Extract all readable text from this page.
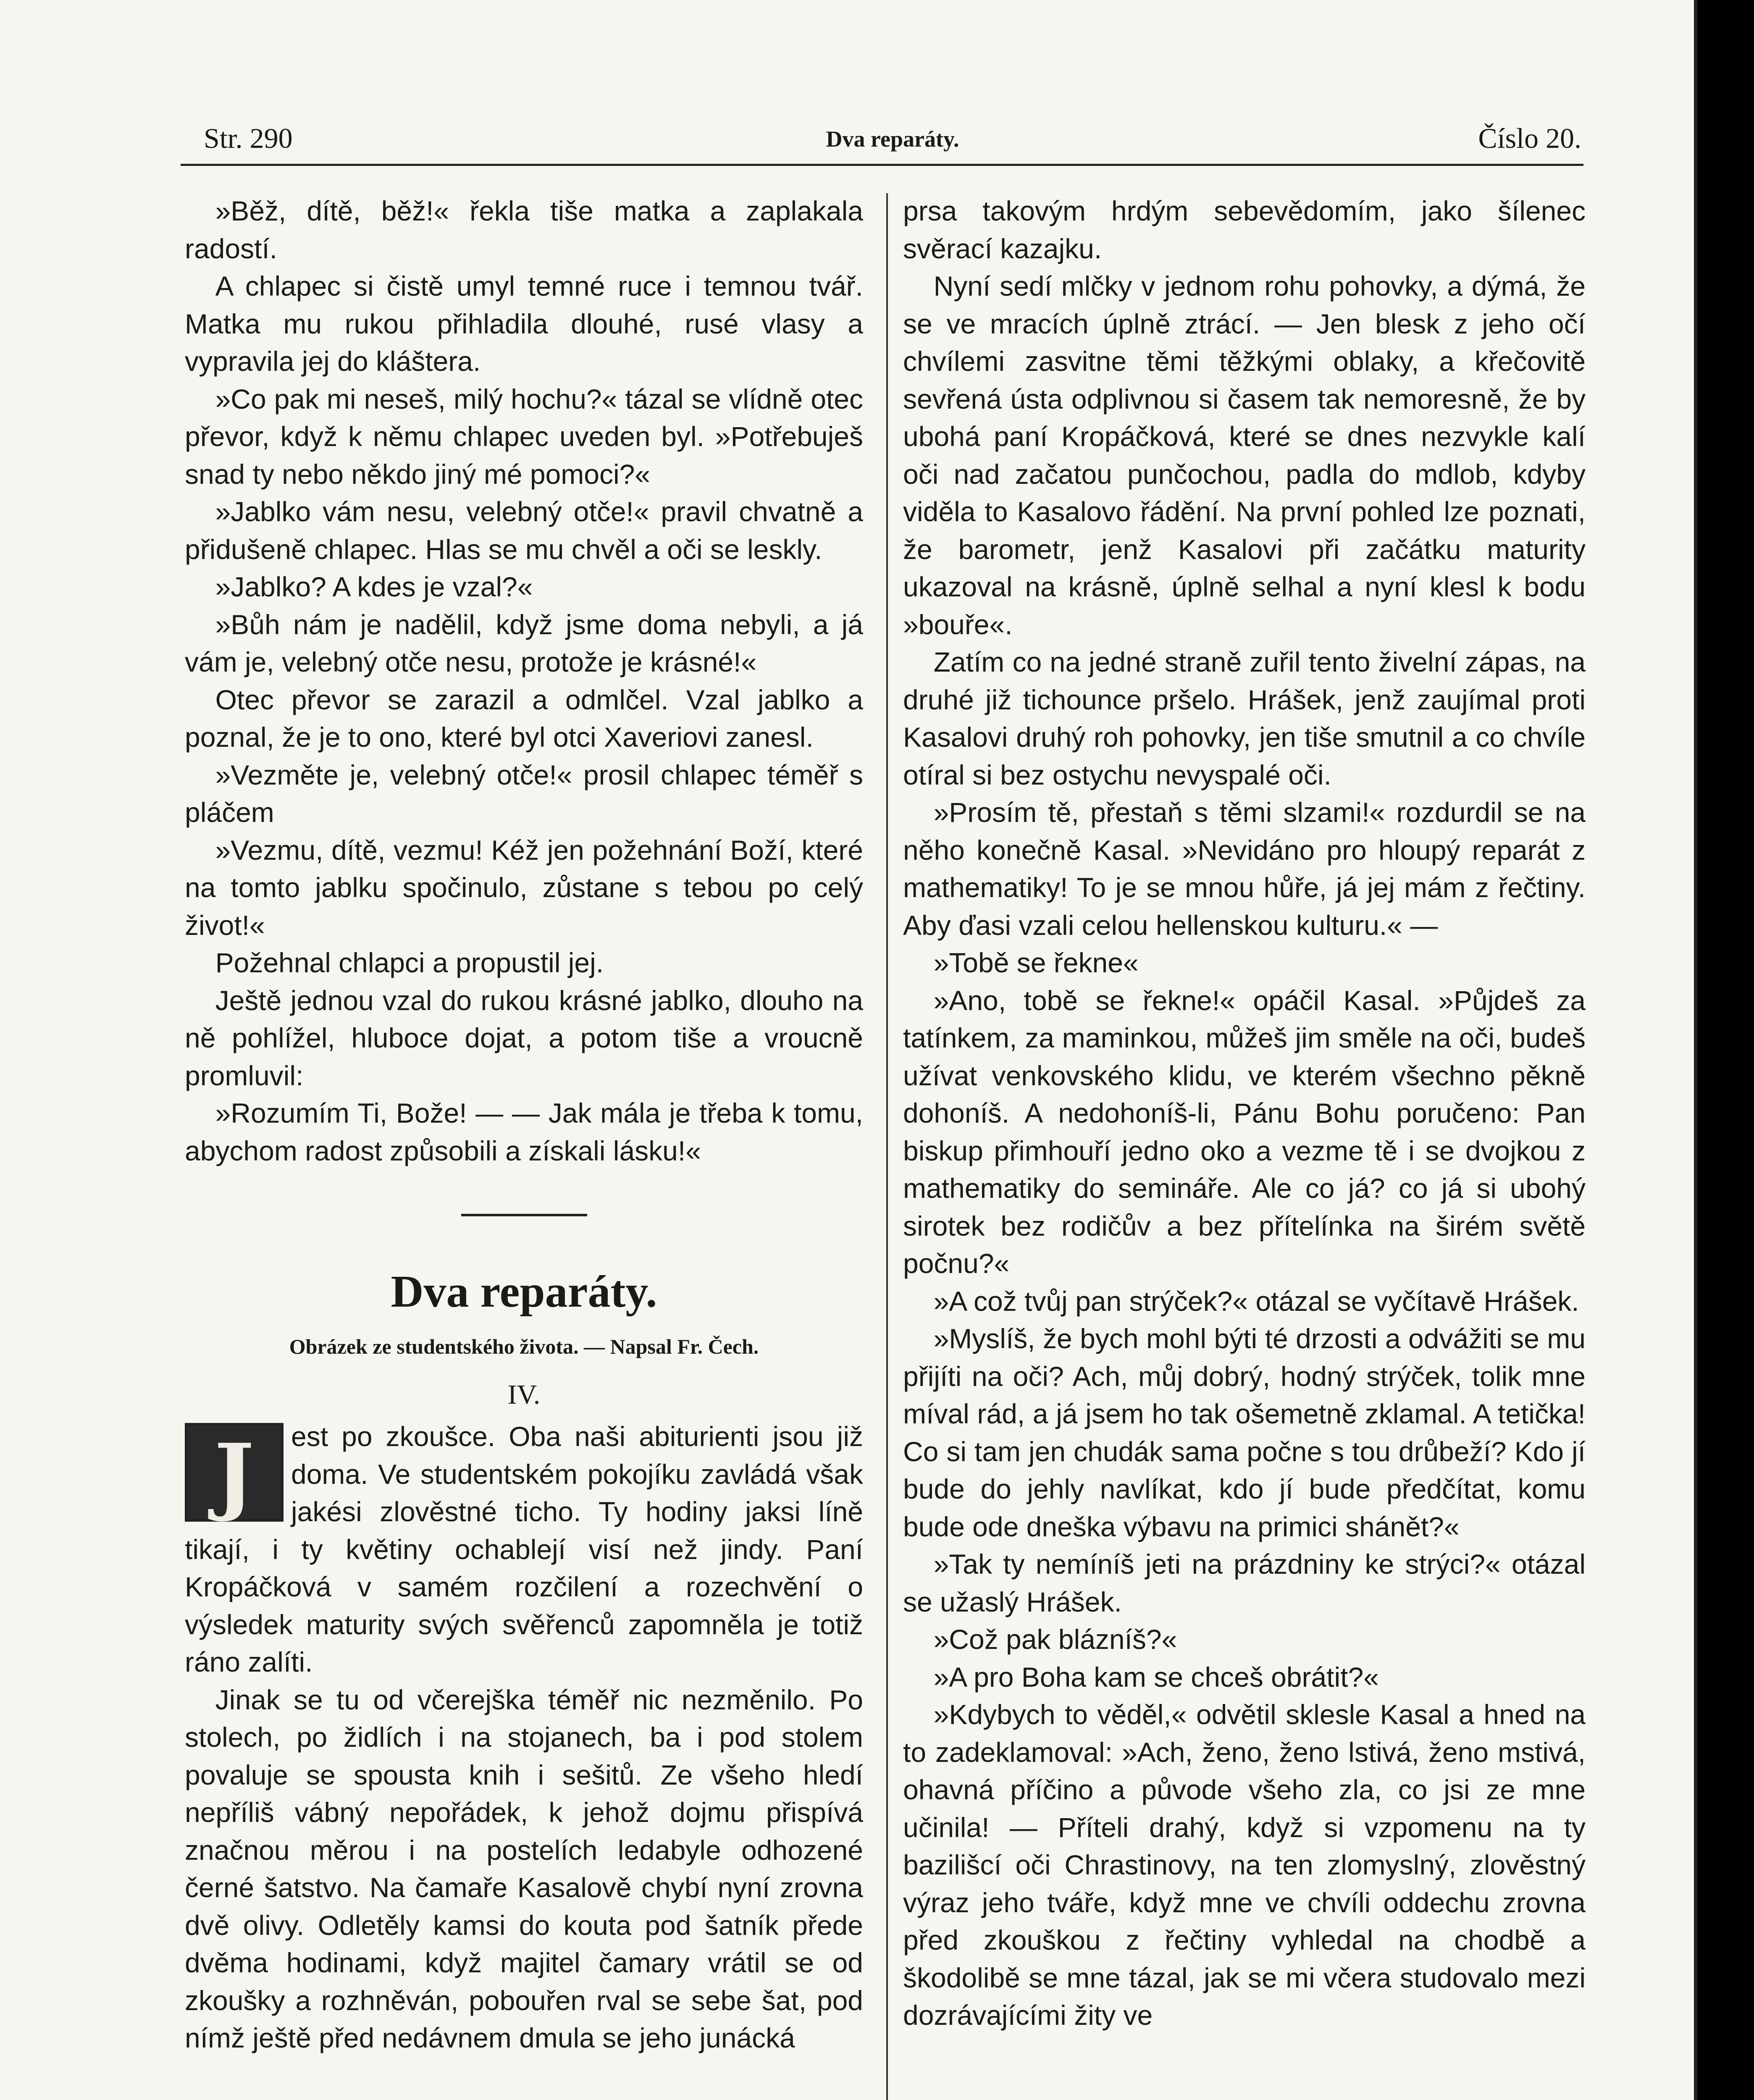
Str. 290	Dva reparáty.	Číslo 20.

»Běž, dítě, běž!« řekla tiše matka a zaplakala radostí.

A chlapec si čistě umyl temné ruce i temnou tvář. Matka mu rukou přihladila dlouhé, rusé vlasy a vypravila jej do kláštera.

»Co pak mi neseš, milý hochu?« tázal se vlídně otec převor, když k němu chlapec uveden byl. »Potřebuješ snad ty nebo někdo jiný mé pomoci?«

»Jablko vám nesu, velebný otče!« pravil chvatně a přidušeně chlapec. Hlas se mu chvěl a oči se leskly.

»Jablko? A kdes je vzal?«

»Bůh nám je nadělil, když jsme doma nebyli, a já vám je, velebný otče nesu, protože je krásné!«

Otec převor se zarazil a odmlčel. Vzal jablko a poznal, že je to ono, které byl otci Xaveriovi zanesl.

»Vezměte je, velebný otče!« prosil chlapec téměř s pláčem

»Vezmu, dítě, vezmu! Kéž jen požehnání Boží, které na tomto jablku spočinulo, zůstane s tebou po celý život!«

Požehnal chlapci a propustil jej.

Ještě jednou vzal do rukou krásné jablko, dlouho na ně pohlížel, hluboce dojat, a potom tiše a vroucně promluvil:

»Rozumím Ti, Bože! — — Jak mála je třeba k tomu, abychom radost způsobili a získali lásku!«

Dva reparáty.
Obrázek ze studentského života. — Napsal Fr. Čech.
IV.

J	est po zkoušce. Oba naši abiturienti jsou již doma. Ve studentském pokojíku zavládá však jakési zlověstné ticho. Ty hodiny jaksi líně tikají, i ty květiny ochablejí visí než jindy. Paní Kropáčková v samém rozčilení a rozechvění o výsledek maturity svých svěřenců zapomněla je totiž ráno zalíti.

Jinak se tu od včerejška téměř nic nezměnilo. Po stolech, po židlích i na stojanech, ba i pod stolem povaluje se spousta knih i sešitů. Ze všeho hledí nepříliš vábný nepořádek, k jehož dojmu přispívá značnou měrou i na postelích ledabyle odhozené černé šatstvo. Na čamaře Kasalově chybí nyní zrovna dvě olivy. Odletěly kamsi do kouta pod šatník přede dvěma hodinami, když majitel čamary vrátil se od zkoušky a rozhněván, pobouřen rval se sebe šat, pod nímž ještě před nedávnem dmula se jeho junácká

prsa takovým hrdým sebevědomím, jako šílenec svěrací kazajku.

Nyní sedí mlčky v jednom rohu pohovky, a dýmá, že se ve mracích úplně ztrácí. — Jen blesk z jeho očí chvílemi zasvitne těmi těžkými oblaky, a křečovitě sevřená ústa odplivnou si časem tak nemoresně, že by ubohá paní Kropáčková, které se dnes nezvykle kalí oči nad začatou punčochou, padla do mdlob, kdyby viděla to Kasalovo řádění. Na první pohled lze poznati, že barometr, jenž Kasalovi při začátku maturity ukazoval na krásně, úplně selhal a nyní klesl k bodu »bouře«.

Zatím co na jedné straně zuřil tento živelní zápas, na druhé již tichounce pršelo. Hrášek, jenž zaujímal proti Kasalovi druhý roh pohovky, jen tiše smutnil a co chvíle otíral si bez ostychu nevyspalé oči.

»Prosím tě, přestaň s těmi slzami!« rozdurdil se na něho konečně Kasal. »Nevidáno pro hloupý reparát z mathematiky! To je se mnou hůře, já jej mám z řečtiny. Aby ďasi vzali celou hellenskou kulturu.« —

»Tobě se řekne«

»Ano, tobě se řekne!« opáčil Kasal. »Půjdeš za tatínkem, za maminkou, můžeš jim směle na oči, budeš užívat venkovského klidu, ve kterém všechno pěkně dohoníš. A nedohoníš-li, Pánu Bohu poručeno: Pan biskup přimhouří jedno oko a vezme tě i se dvojkou z mathematiky do semináře. Ale co já? co já si ubohý sirotek bez rodičův a bez přítelínka na širém světě počnu?«

»A což tvůj pan strýček?« otázal se vyčítavě Hrášek.

»Myslíš, že bych mohl býti té drzosti a odvážiti se mu přijíti na oči? Ach, můj dobrý, hodný strýček, tolik mne míval rád, a já jsem ho tak ošemetně zklamal. A tetička! Co si tam jen chudák sama počne s tou drůbeží? Kdo jí bude do jehly navlíkat, kdo jí bude předčítat, komu bude ode dneška výbavu na primici shánět?«

»Tak ty nemíníš jeti na prázdniny ke strýci?« otázal se užaslý Hrášek.

»Což pak blázníš?«

»A pro Boha kam se chceš obrátit?«

»Kdybych to věděl,« odvětil sklesle Kasal a hned na to zadeklamoval: »Ach, ženo, ženo lstivá, ženo mstivá, ohavná příčino a původe všeho zla, co jsi ze mne učinila! — Příteli drahý, když si vzpomenu na ty bazilišcí oči Chrastinovy, na ten zlomyslný, zlověstný výraz jeho tváře, když mne ve chvíli oddechu zrovna před zkouškou z řečtiny vyhledal na chodbě a škodolibě se mne tázal, jak se mi včera studovalo mezi dozrávajícími žity ve
